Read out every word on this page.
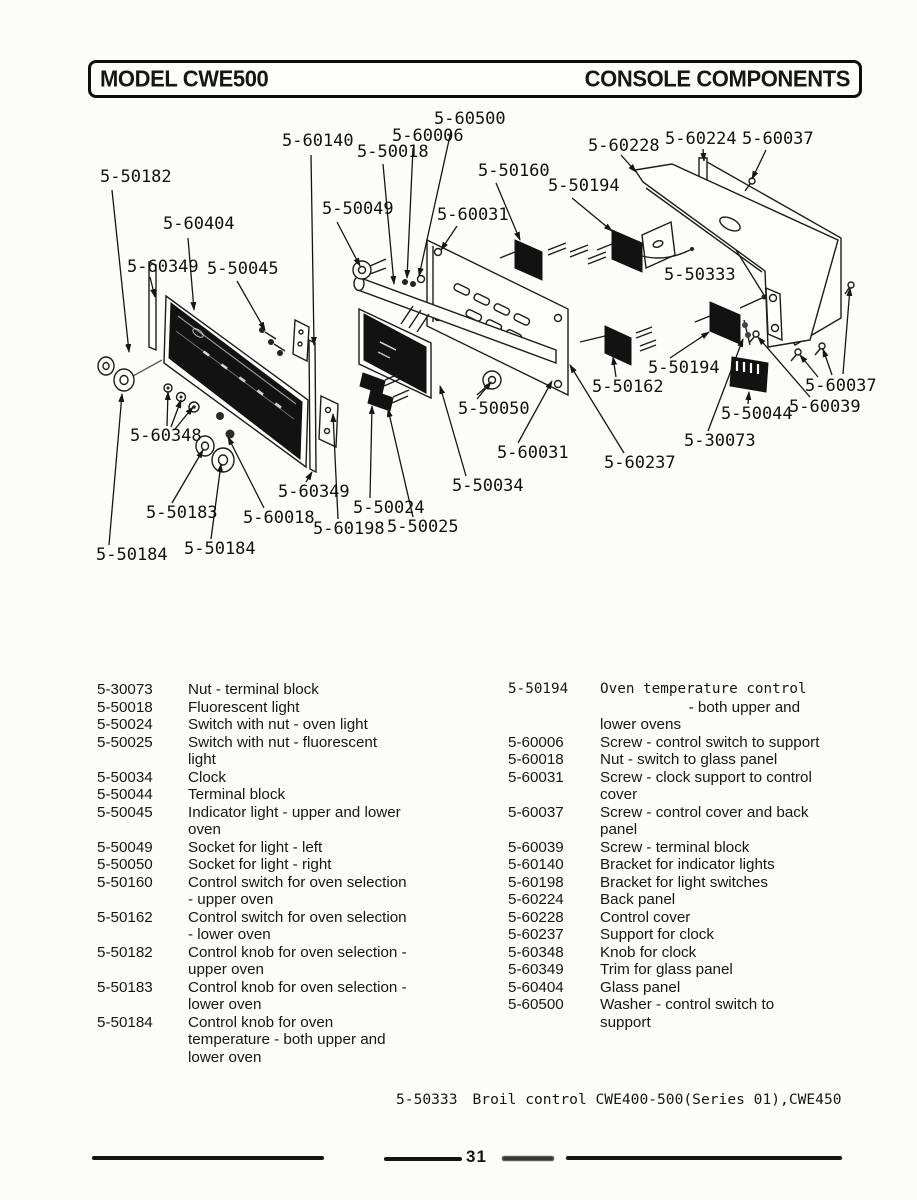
MODEL CWE500	CONSOLE COMPONENTS
5-50182
5-60404
5-60349 5-50045
5-60140
5-50018
5-60006
5-60500
5-50049	5-60031
5-50160
5-50194
5-60228 5-60224 5-60037
5-50333
5-60348
5-50183 5-60018
5-50184 5-50184
5-60349
5-50024
5-60198 5-50025
5-50034
5-50050
5-60031 5-60237
5-50162
5-50194
5-30073
5-50044
5-60039
5-60037
5-30073	Nut - terminal block
5-50018	Fluorescent light
5-50024	Switch with nut - oven light
5-50025	Switch with nut - fluorescent
light
5-50034	Clock
5-50044	Terminal block
5-50045	Indicator light - upper and lower
oven
5-50049	Socket for light - left
5-50050	Socket for light - right
5-50160	Control switch for oven selection
- upper oven
5-50162	Control switch for oven selection
- lower oven
5-50182	Control knob for oven selection -
upper oven
5-50183	Control knob for oven selection -
lower oven
5-50184	Control knob for oven
temperature - both upper and
lower oven
5-50194	Oven temperature control
- both upper and
lower ovens
5-60006	Screw - control switch to support
5-60018	Nut - switch to glass panel
5-60031	Screw - clock support to control
cover
5-60037	Screw - control cover and back
panel
5-60039	Screw - terminal block
5-60140	Bracket for indicator lights
5-60198	Bracket for light switches
5-60224	Back panel
5-60228	Control cover
5-60237	Support for clock
5-60348	Knob for clock
5-60349	Trim for glass panel
5-60404	Glass panel
5-60500	Washer - control switch to
support
5-50333 Broil control CWE400-500(Series 01),CWE450
31
